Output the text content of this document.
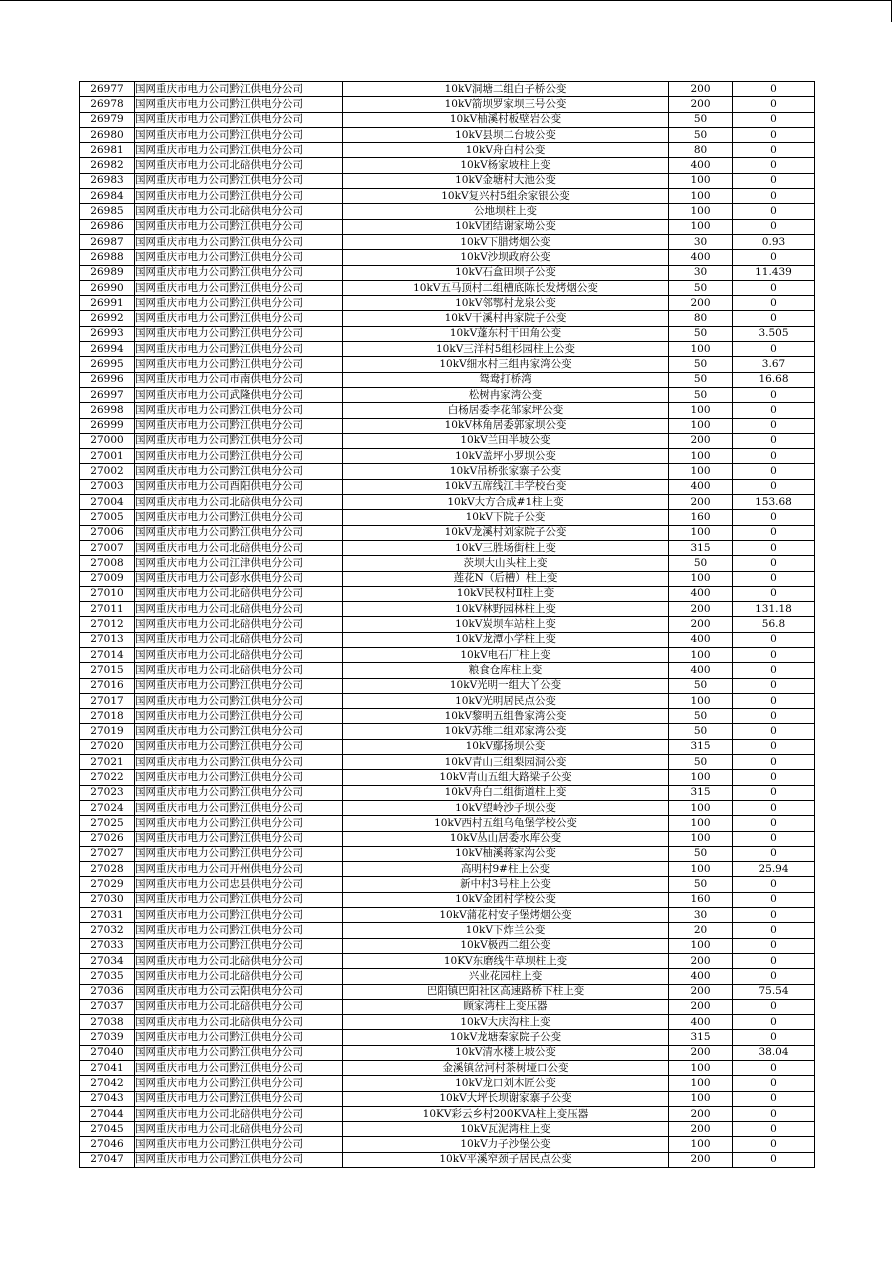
26977	国网重庆市电力公司黔江供电分公司	10kV洞塘二组白子桥公变	200	0
26978	国网重庆市电力公司黔江供电分公司	10kV箭坝罗家坝三号公变	200	0
26979	国网重庆市电力公司黔江供电分公司	10kV柚溪村板壁岩公变	50	0
26980	国网重庆市电力公司黔江供电分公司	10kV县坝二台坡公变	50	0
26981	国网重庆市电力公司黔江供电分公司	10kV舟白村公变	80	0
26982	国网重庆市电力公司北碚供电分公司	10kV杨家坡柱上变	400	0
26983	国网重庆市电力公司黔江供电分公司	10kV金塘村大池公变	100	0
26984	国网重庆市电力公司黔江供电分公司	10kV复兴村5组余家银公变	100	0
26985	国网重庆市电力公司北碚供电分公司	公地坝柱上变	100	0
26986	国网重庆市电力公司黔江供电分公司	10kV团结谢家坳公变	100	0
26987	国网重庆市电力公司黔江供电分公司	10kV下腊烤烟公变	30	0.93
26988	国网重庆市电力公司黔江供电分公司	10kV沙坝政府公变	400	0
26989	国网重庆市电力公司黔江供电分公司	10kV石盒田坝子公变	30	11.439
26990	国网重庆市电力公司黔江供电分公司	10kV五马顶村二组槽底陈长发烤烟公变	50	0
26991	国网重庆市电力公司黔江供电分公司	10kV邻鄂村龙泉公变	200	0
26992	国网重庆市电力公司黔江供电分公司	10kV干溪村冉家院子公变	80	0
26993	国网重庆市电力公司黔江供电分公司	10kV蓬东村干田角公变	50	3.505
26994	国网重庆市电力公司黔江供电分公司	10kV三洋村5组杉园柱上公变	100	0
26995	国网重庆市电力公司黔江供电分公司	10kV细水村三组冉家湾公变	50	3.67
26996	国网重庆市电力公司市南供电分公司	鸳鸯打桥湾	50	16.68
26997	国网重庆市电力公司武隆供电分公司	松树冉家湾公变	50	0
26998	国网重庆市电力公司黔江供电分公司	白杨居委李花邹家坪公变	100	0
26999	国网重庆市电力公司黔江供电分公司	10kV林角居委郭家坝公变	100	0
27000	国网重庆市电力公司黔江供电分公司	10kV兰田半坡公变	200	0
27001	国网重庆市电力公司黔江供电分公司	10kV盖坪小罗坝公变	100	0
27002	国网重庆市电力公司黔江供电分公司	10kV吊桥张家寨子公变	100	0
27003	国网重庆市电力公司酉阳供电分公司	10kV五席线江丰学校台变	400	0
27004	国网重庆市电力公司北碚供电分公司	10kV大方合成#1柱上变	200	153.68
27005	国网重庆市电力公司黔江供电分公司	10kV下院子公变	160	0
27006	国网重庆市电力公司黔江供电分公司	10kV龙溪村刘家院子公变	100	0
27007	国网重庆市电力公司北碚供电分公司	10kV三胜场街柱上变	315	0
27008	国网重庆市电力公司江津供电分公司	茨坝大山头柱上变	50	0
27009	国网重庆市电力公司彭水供电分公司	莲花N（后槽）柱上变	100	0
27010	国网重庆市电力公司北碚供电分公司	10kV民权村Ⅱ柱上变	400	0
27011	国网重庆市电力公司北碚供电分公司	10kV林野园林柱上变	200	131.18
27012	国网重庆市电力公司北碚供电分公司	10kV炭坝车站柱上变	200	56.8
27013	国网重庆市电力公司北碚供电分公司	10kV龙潭小学柱上变	400	0
27014	国网重庆市电力公司北碚供电分公司	10kV电石厂柱上变	100	0
27015	国网重庆市电力公司北碚供电分公司	粮食仓库柱上变	400	0
27016	国网重庆市电力公司黔江供电分公司	10kV光明一组大丫公变	50	0
27017	国网重庆市电力公司黔江供电分公司	10kV光明居民点公变	100	0
27018	国网重庆市电力公司黔江供电分公司	10kV黎明五组鲁家湾公变	50	0
27019	国网重庆市电力公司黔江供电分公司	10kV苏维二组邓家湾公变	50	0
27020	国网重庆市电力公司黔江供电分公司	10kV鄢扬坝公变	315	0
27021	国网重庆市电力公司黔江供电分公司	10kV青山三组梨园洞公变	50	0
27022	国网重庆市电力公司黔江供电分公司	10kV青山五组大路梁子公变	100	0
27023	国网重庆市电力公司黔江供电分公司	10kV舟白二组街道柱上变	315	0
27024	国网重庆市电力公司黔江供电分公司	10kV望岭沙子坝公变	100	0
27025	国网重庆市电力公司黔江供电分公司	10kV西村五组乌龟堡学校公变	100	0
27026	国网重庆市电力公司黔江供电分公司	10kV丛山居委水库公变	100	0
27027	国网重庆市电力公司黔江供电分公司	10kV柚溪蒋家沟公变	50	0
27028	国网重庆市电力公司开州供电分公司	高明村9#柱上公变	100	25.94
27029	国网重庆市电力公司忠县供电分公司	新中村3号柱上公变	50	0
27030	国网重庆市电力公司黔江供电分公司	10kV金团村学校公变	160	0
27031	国网重庆市电力公司黔江供电分公司	10kV蒲花村安子堡烤烟公变	30	0
27032	国网重庆市电力公司黔江供电分公司	10kV下炸兰公变	20	0
27033	国网重庆市电力公司黔江供电分公司	10kV极西二组公变	100	0
27034	国网重庆市电力公司北碚供电分公司	10KV东磨线牛草坝柱上变	200	0
27035	国网重庆市电力公司北碚供电分公司	兴业花园柱上变	400	0
27036	国网重庆市电力公司云阳供电分公司	巴阳镇巴阳社区高速路桥下柱上变	200	75.54
27037	国网重庆市电力公司北碚供电分公司	顾家湾柱上变压器	200	0
27038	国网重庆市电力公司北碚供电分公司	10kV大庆沟柱上变	400	0
27039	国网重庆市电力公司黔江供电分公司	10kV龙塘秦家院子公变	315	0
27040	国网重庆市电力公司黔江供电分公司	10kV清水楼上坡公变	200	38.04
27041	国网重庆市电力公司黔江供电分公司	金溪镇岔河村茶树垭口公变	100	0
27042	国网重庆市电力公司黔江供电分公司	10kV龙口刘木匠公变	100	0
27043	国网重庆市电力公司黔江供电分公司	10kV大坪长坝谢家寨子公变	100	0
27044	国网重庆市电力公司北碚供电分公司	10KV彩云乡村200KVA柱上变压器	200	0
27045	国网重庆市电力公司北碚供电分公司	10kV瓦泥湾柱上变	200	0
27046	国网重庆市电力公司黔江供电分公司	10kV力子沙堡公变	100	0
27047	国网重庆市电力公司黔江供电分公司	10kV平溪窄颈子居民点公变	200	0
